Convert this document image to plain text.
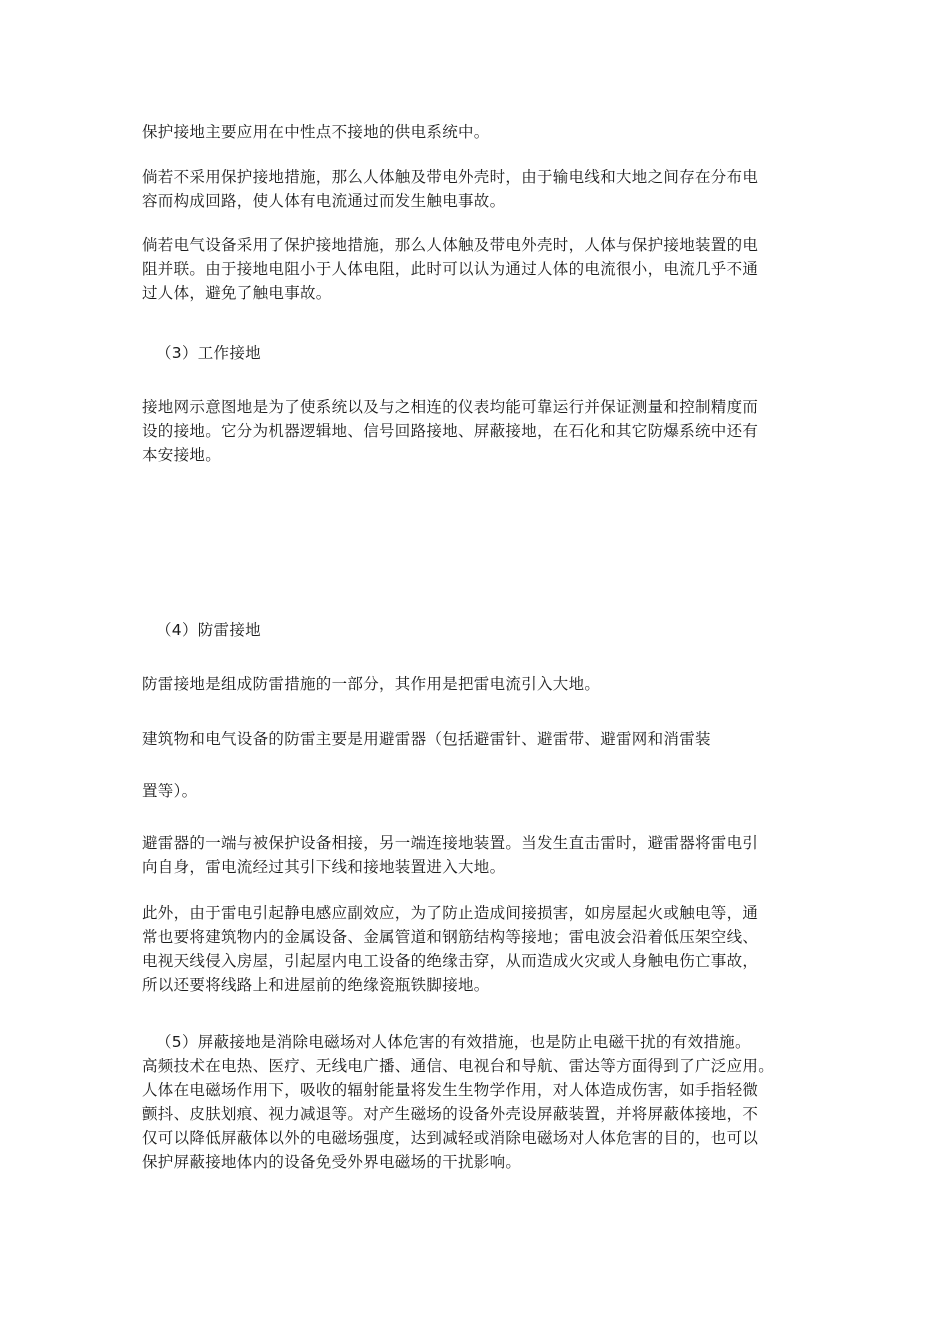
保护接地主要应用在中性点不接地的供电系统中。

倘若不采用保护接地措施，那么人体触及带电外壳时，由于输电线和大地之间存在分布电
容而构成回路，使人体有电流通过而发生触电事故。

倘若电气设备采用了保护接地措施，那么人体触及带电外壳时，人体与保护接地装置的电
阻并联。由于接地电阻小于人体电阻，此时可以认为通过人体的电流很小，电流几乎不通
过人体，避免了触电事故。

（3）工作接地

接地网示意图地是为了使系统以及与之相连的仪表均能可靠运行并保证测量和控制精度而
设的接地。它分为机器逻辑地、信号回路接地、屏蔽接地，在石化和其它防爆系统中还有
本安接地。

（4）防雷接地

防雷接地是组成防雷措施的一部分，其作用是把雷电流引入大地。

建筑物和电气设备的防雷主要是用避雷器（包括避雷针、避雷带、避雷网和消雷装

置等）。

避雷器的一端与被保护设备相接，另一端连接地装置。当发生直击雷时，避雷器将雷电引
向自身，雷电流经过其引下线和接地装置进入大地。

此外，由于雷电引起静电感应副效应，为了防止造成间接损害，如房屋起火或触电等，通
常也要将建筑物内的金属设备、金属管道和钢筋结构等接地；雷电波会沿着低压架空线、
电视天线侵入房屋，引起屋内电工设备的绝缘击穿，从而造成火灾或人身触电伤亡事故，
所以还要将线路上和进屋前的绝缘瓷瓶铁脚接地。

（5）屏蔽接地是消除电磁场对人体危害的有效措施，也是防止电磁干扰的有效措施。
高频技术在电热、医疗、无线电广播、通信、电视台和导航、雷达等方面得到了广泛应用。
人体在电磁场作用下，吸收的辐射能量将发生生物学作用，对人体造成伤害，如手指轻微
颤抖、皮肤划痕、视力减退等。对产生磁场的设备外壳设屏蔽装置，并将屏蔽体接地，不
仅可以降低屏蔽体以外的电磁场强度，达到减轻或消除电磁场对人体危害的目的，也可以
保护屏蔽接地体内的设备免受外界电磁场的干扰影响。
